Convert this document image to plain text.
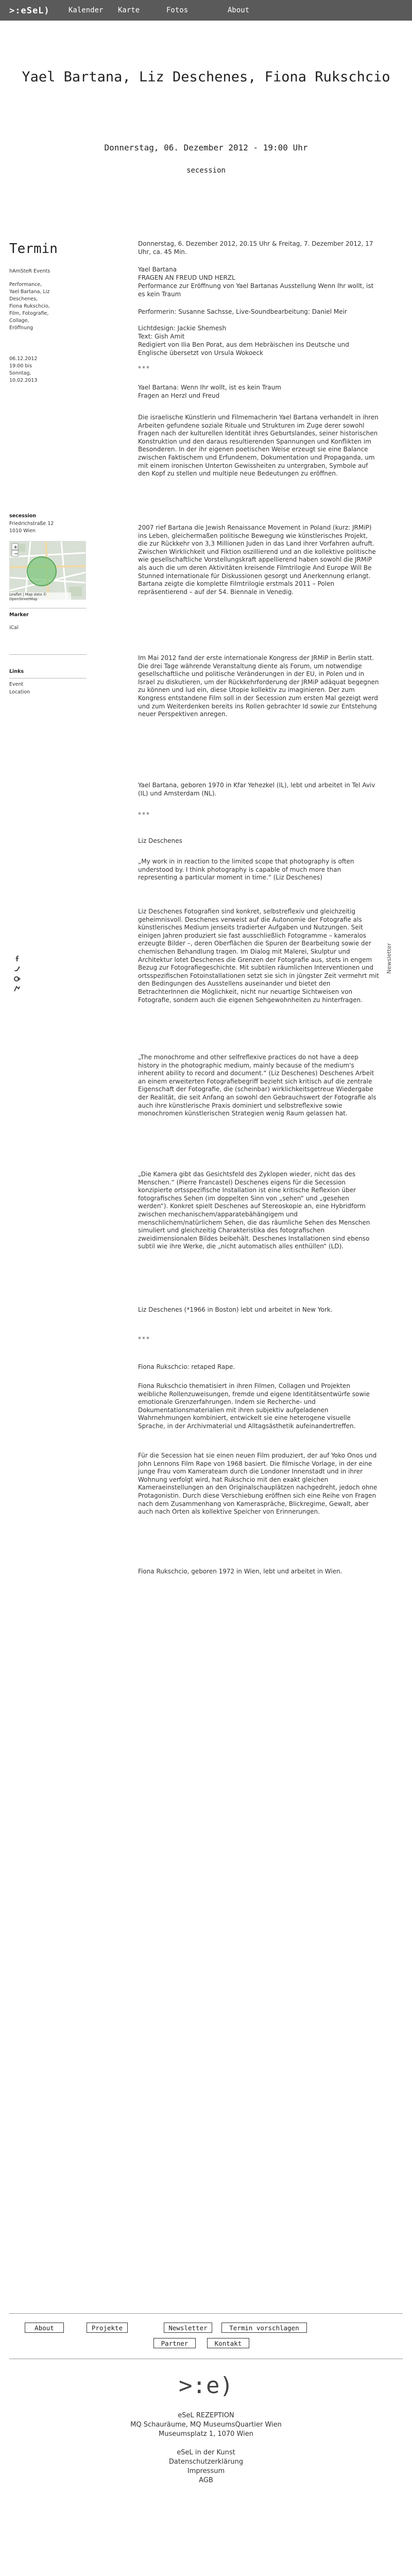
>:eSeL)	Kalender Karte	Fotos	About
Yael Bartana, Liz Deschenes, Fiona Rukschcio
Donnerstag, 06. Dezember 2012 - 19:00 Uhr
secession
Termin
hAmSteR Events
Performance, Yael Bartana, Liz Deschenes, Fiona Rukschcio, Film, Fotografie, Collage, Eröffnung
06.12.2012 19:00 bis Sonntag, 10.02.2013
secession
Friedrichstraße 12 1010 Wien
+
−
Leaflet | Map data © OpenStreetMap
Marker
iCal
Links
Event
Location
Newsletter
Donnerstag, 6. Dezember 2012, 20.15 Uhr & Freitag, 7. Dezember 2012, 17 Uhr, ca. 45 Min.
Yael Bartana
FRAGEN AN FREUD UND HERZL
Performance zur Eröffnung von Yael Bartanas Ausstellung Wenn Ihr wollt, ist es kein Traum
Performerin: Susanne Sachsse, Live-Soundbearbeitung: Daniel Meir
Lichtdesign: Jackie Shemesh
Text: Gish Amit
Redigiert von Ilia Ben Porat, aus dem Hebräischen ins Deutsche und Englische übersetzt von Ursula Wokoeck
***
Yael Bartana: Wenn Ihr wollt, ist es kein Traum
Fragen an Herzl und Freud
Die israelische Künstlerin und Filmemacherin Yael Bartana verhandelt in ihren Arbeiten gefundene soziale Rituale und Strukturen im Zuge derer sowohl Fragen nach der kulturellen Identität ihres Geburtslandes, seiner historischen Konstruktion und den daraus resultierenden Spannungen und Konflikten im Besonderen. In der ihr eigenen poetischen Weise erzeugt sie eine Balance zwischen Faktischem und Erfundenem, Dokumentation und Propaganda, um mit einem ironischen Unterton Gewissheiten zu untergraben, Symbole auf den Kopf zu stellen und multiple neue Bedeutungen zu eröffnen.
2007 rief Bartana die Jewish Renaissance Movement in Poland (kurz: JRMiP) ins Leben, gleichermaßen politische Bewegung wie künstlerisches Projekt, die zur Rückkehr von 3,3 Millionen Juden in das Land ihrer Vorfahren aufruft. Zwischen Wirklichkeit und Fiktion oszillierend und an die kollektive politische wie gesellschaftliche Vorstellungskraft appellierend haben sowohl die JRMiP als auch die um deren Aktivitäten kreisende Filmtrilogie And Europe Will Be Stunned internationale für Diskussionen gesorgt und Anerkennung erlangt. Bartana zeigte die komplette Filmtrilogie erstmals 2011 – Polen repräsentierend – auf der 54. Biennale in Venedig.
Im Mai 2012 fand der erste internationale Kongress der JRMiP in Berlin statt. Die drei Tage währende Veranstaltung diente als Forum, um notwendige gesellschaftliche und politische Veränderungen in der EU, in Polen und in Israel zu diskutieren, um der Rückkehrforderung der JRMiP adäquat begegnen zu können und lud ein, diese Utopie kollektiv zu imaginieren. Der zum Kongress entstandene Film soll in der Secession zum ersten Mal gezeigt werd und zum Weiterdenken bereits ins Rollen gebrachter Id sowie zur Entstehung neuer Perspektiven anregen.
Yael Bartana, geboren 1970 in Kfar Yehezkel (IL), lebt und arbeitet in Tel Aviv (IL) und Amsterdam (NL).
***
Liz Deschenes
„My work in in reaction to the limited scope that photography is often understood by. I think photography is capable of much more than representing a particular moment in time.“ (Liz Deschenes)
Liz Deschenes Fotografien sind konkret, selbstreflexiv und gleichzeitig geheimnisvoll. Deschenes verweist auf die Autonomie der Fotografie als künstlerisches Medium jenseits tradierter Aufgaben und Nutzungen. Seit einigen Jahren produziert sie fast ausschließlich Fotogramme – kameralos erzeugte Bilder –, deren Oberflächen die Spuren der Bearbeitung sowie der chemischen Behandlung tragen. Im Dialog mit Malerei, Skulptur und Architektur lotet Deschenes die Grenzen der Fotografie aus, stets in engem Bezug zur Fotografiegeschichte. Mit subtilen räumlichen Interventionen und ortsspezifischen Fotoinstallationen setzt sie sich in jüngster Zeit vermehrt mit den Bedingungen des Ausstellens auseinander und bietet den BetrachterInnen die Möglichkeit, nicht nur neuartige Sichtweisen von Fotografie, sondern auch die eigenen Sehgewohnheiten zu hinterfragen.
„The monochrome and other selfreflexive practices do not have a deep history in the photographic medium, mainly because of the medium's inherent ability to record and document.“ (Liz Deschenes) Deschenes Arbeit an einem erweiterten Fotografiebegriff bezieht sich kritisch auf die zentrale Eigenschaft der Fotografie, die (scheinbar) wirklichkeitsgetreue Wiedergabe der Realität, die seit Anfang an sowohl den Gebrauchswert der Fotografie als auch ihre künstlerische Praxis dominiert und selbstreflexive sowie monochromen künstlerischen Strategien wenig Raum gelassen hat.
„Die Kamera gibt das Gesichtsfeld des Zyklopen wieder, nicht das des Menschen.“ (Pierre Francastel) Deschenes eigens für die Secession konzipierte ortsspezifische Installation ist eine kritische Reflexion über fotografisches Sehen (im doppelten Sinn von „sehen“ und „gesehen werden“). Konkret spielt Deschenes auf Stereoskopie an, eine Hybridform zwischen mechanischem/apparatebähängigem und menschlichem/natürlichem Sehen, die das räumliche Sehen des Menschen simuliert und gleichzeitig Charakteristika des fotografischen zweidimensionalen Bildes beibehält. Deschenes Installationen sind ebenso subtil wie ihre Werke, die „nicht automatisch alles enthüllen“ (LD).
Liz Deschenes (*1966 in Boston) lebt und arbeitet in New York.
***
Fiona Rukschcio: retaped Rape.
Fiona Rukschcio thematisiert in ihren Filmen, Collagen und Projekten weibliche Rollenzuweisungen, fremde und eigene Identitätsentwürfe sowie emotionale Grenzerfahrungen. Indem sie Recherche- und Dokumentationsmaterialien mit ihren subjektiv aufgeladenen Wahrnehmungen kombiniert, entwickelt sie eine heterogene visuelle Sprache, in der Archivmaterial und Alltagsästhetik aufeinandertreffen.
Für die Secession hat sie einen neuen Film produziert, der auf Yoko Onos und John Lennons Film Rape von 1968 basiert. Die filmische Vorlage, in der eine junge Frau vom Kamerateam durch die Londoner Innenstadt und in ihrer Wohnung verfolgt wird, hat Rukschcio mit den exakt gleichen Kameraeinstellungen an den Originalschauplätzen nachgedreht, jedoch ohne Protagonistin. Durch diese Verschiebung eröffnen sich eine Reihe von Fragen nach dem Zusammenhang von Kameraspräche, Blickregime, Gewalt, aber auch nach Orten als kollektive Speicher von Erinnerungen.
Fiona Rukschcio, geboren 1972 in Wien, lebt und arbeitet in Wien.
About	Projekte	Newsletter	Termin vorschlagen
Partner	Kontakt
>:e)
eSeL REZEPTION
MQ Schauräume, MQ MuseumsQuartier Wien
Museumsplatz 1, 1070 Wien
eSeL in der Kunst
Datenschutzerklärung
Impressum
AGB
